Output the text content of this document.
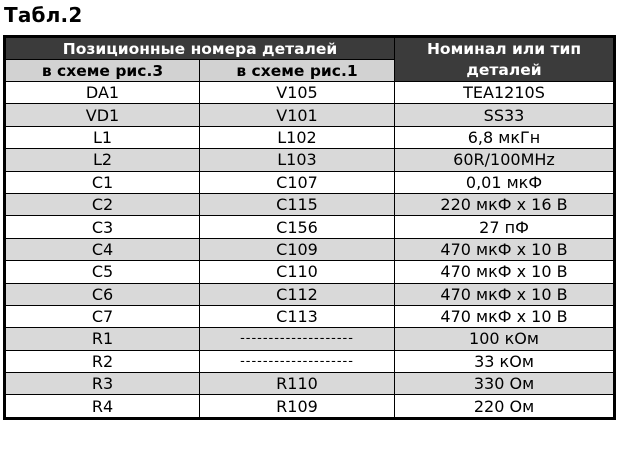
Табл.2
Позиционные номера деталей		Номинал или тип деталей
в схеме рис.3	в схеме рис.1	
DA1	V105	TEA1210S
VD1	V101	SS33
L1	L102	6,8 мкГн
L2	L103	60R/100MHz
C1	C107	0,01 мкФ
C2	C115	220 мкФ х 16 В
C3	C156	27 пФ
C4	C109	470 мкФ х 10 В
C5	C110	470 мкФ х 10 В
C6	C112	470 мкФ х 10 В
C7	C113	470 мкФ х 10 В
R1	--------------------	100 кОм
R2	--------------------	33 кОм
R3	R110	330 Ом
R4	R109	220 Ом
